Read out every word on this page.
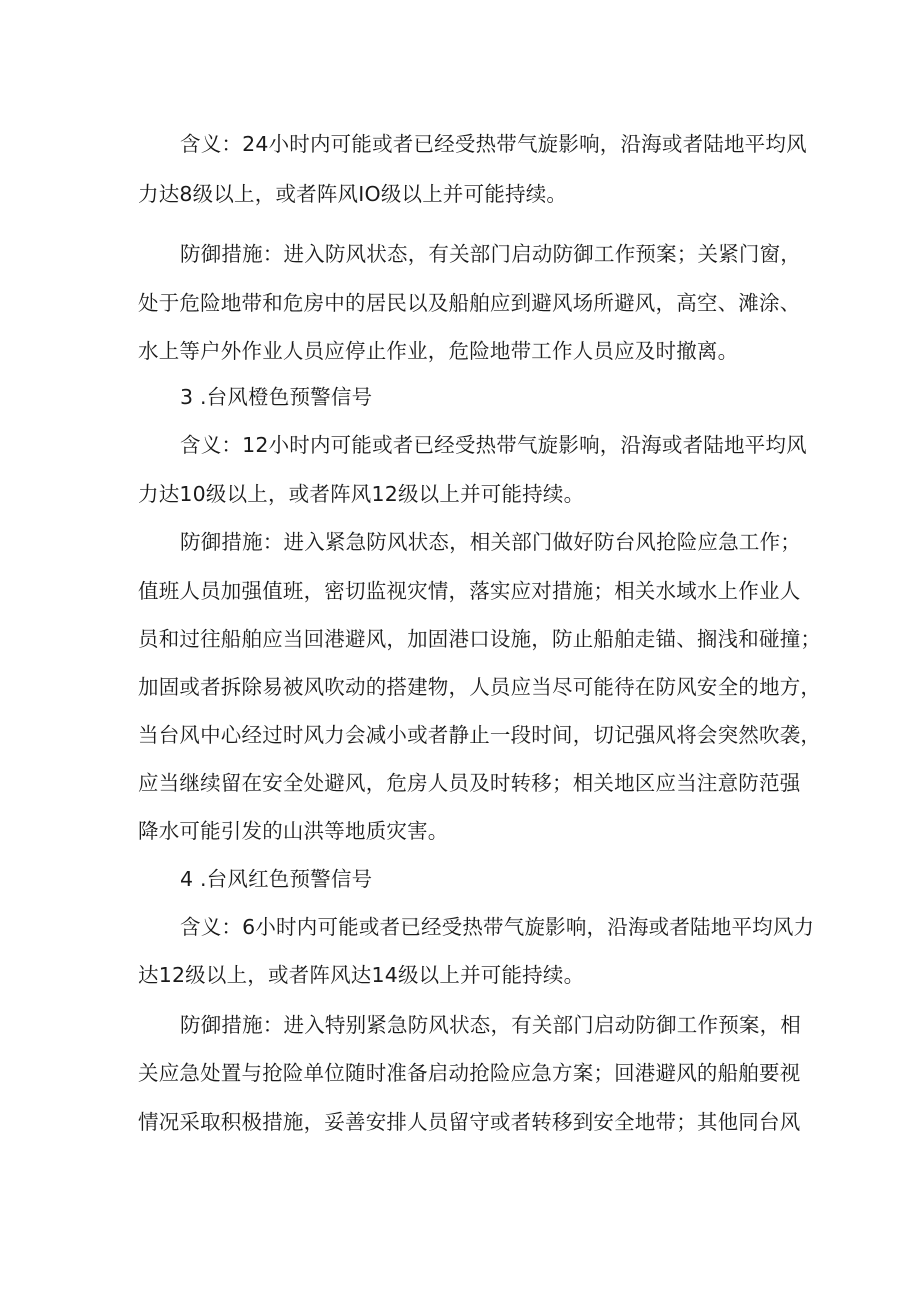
含义：24小时内可能或者已经受热带气旋影响，沿海或者陆地平均风
力达8级以上，或者阵风IO级以上并可能持续。
防御措施：进入防风状态，有关部门启动防御工作预案；关紧门窗，
处于危险地带和危房中的居民以及船舶应到避风场所避风，高空、滩涂、
水上等户外作业人员应停止作业，危险地带工作人员应及时撤离。
3 .台风橙色预警信号
含义：12小时内可能或者已经受热带气旋影响，沿海或者陆地平均风
力达10级以上，或者阵风12级以上并可能持续。
防御措施：进入紧急防风状态，相关部门做好防台风抢险应急工作；
值班人员加强值班，密切监视灾情，落实应对措施；相关水域水上作业人
员和过往船舶应当回港避风，加固港口设施，防止船舶走锚、搁浅和碰撞；
加固或者拆除易被风吹动的搭建物，人员应当尽可能待在防风安全的地方，
当台风中心经过时风力会减小或者静止一段时间，切记强风将会突然吹袭，
应当继续留在安全处避风，危房人员及时转移；相关地区应当注意防范强
降水可能引发的山洪等地质灾害。
4 .台风红色预警信号
含义：6小时内可能或者已经受热带气旋影响，沿海或者陆地平均风力
达12级以上，或者阵风达14级以上并可能持续。
防御措施：进入特别紧急防风状态，有关部门启动防御工作预案，相
关应急处置与抢险单位随时准备启动抢险应急方案；回港避风的船舶要视
情况采取积极措施，妥善安排人员留守或者转移到安全地带；其他同台风
